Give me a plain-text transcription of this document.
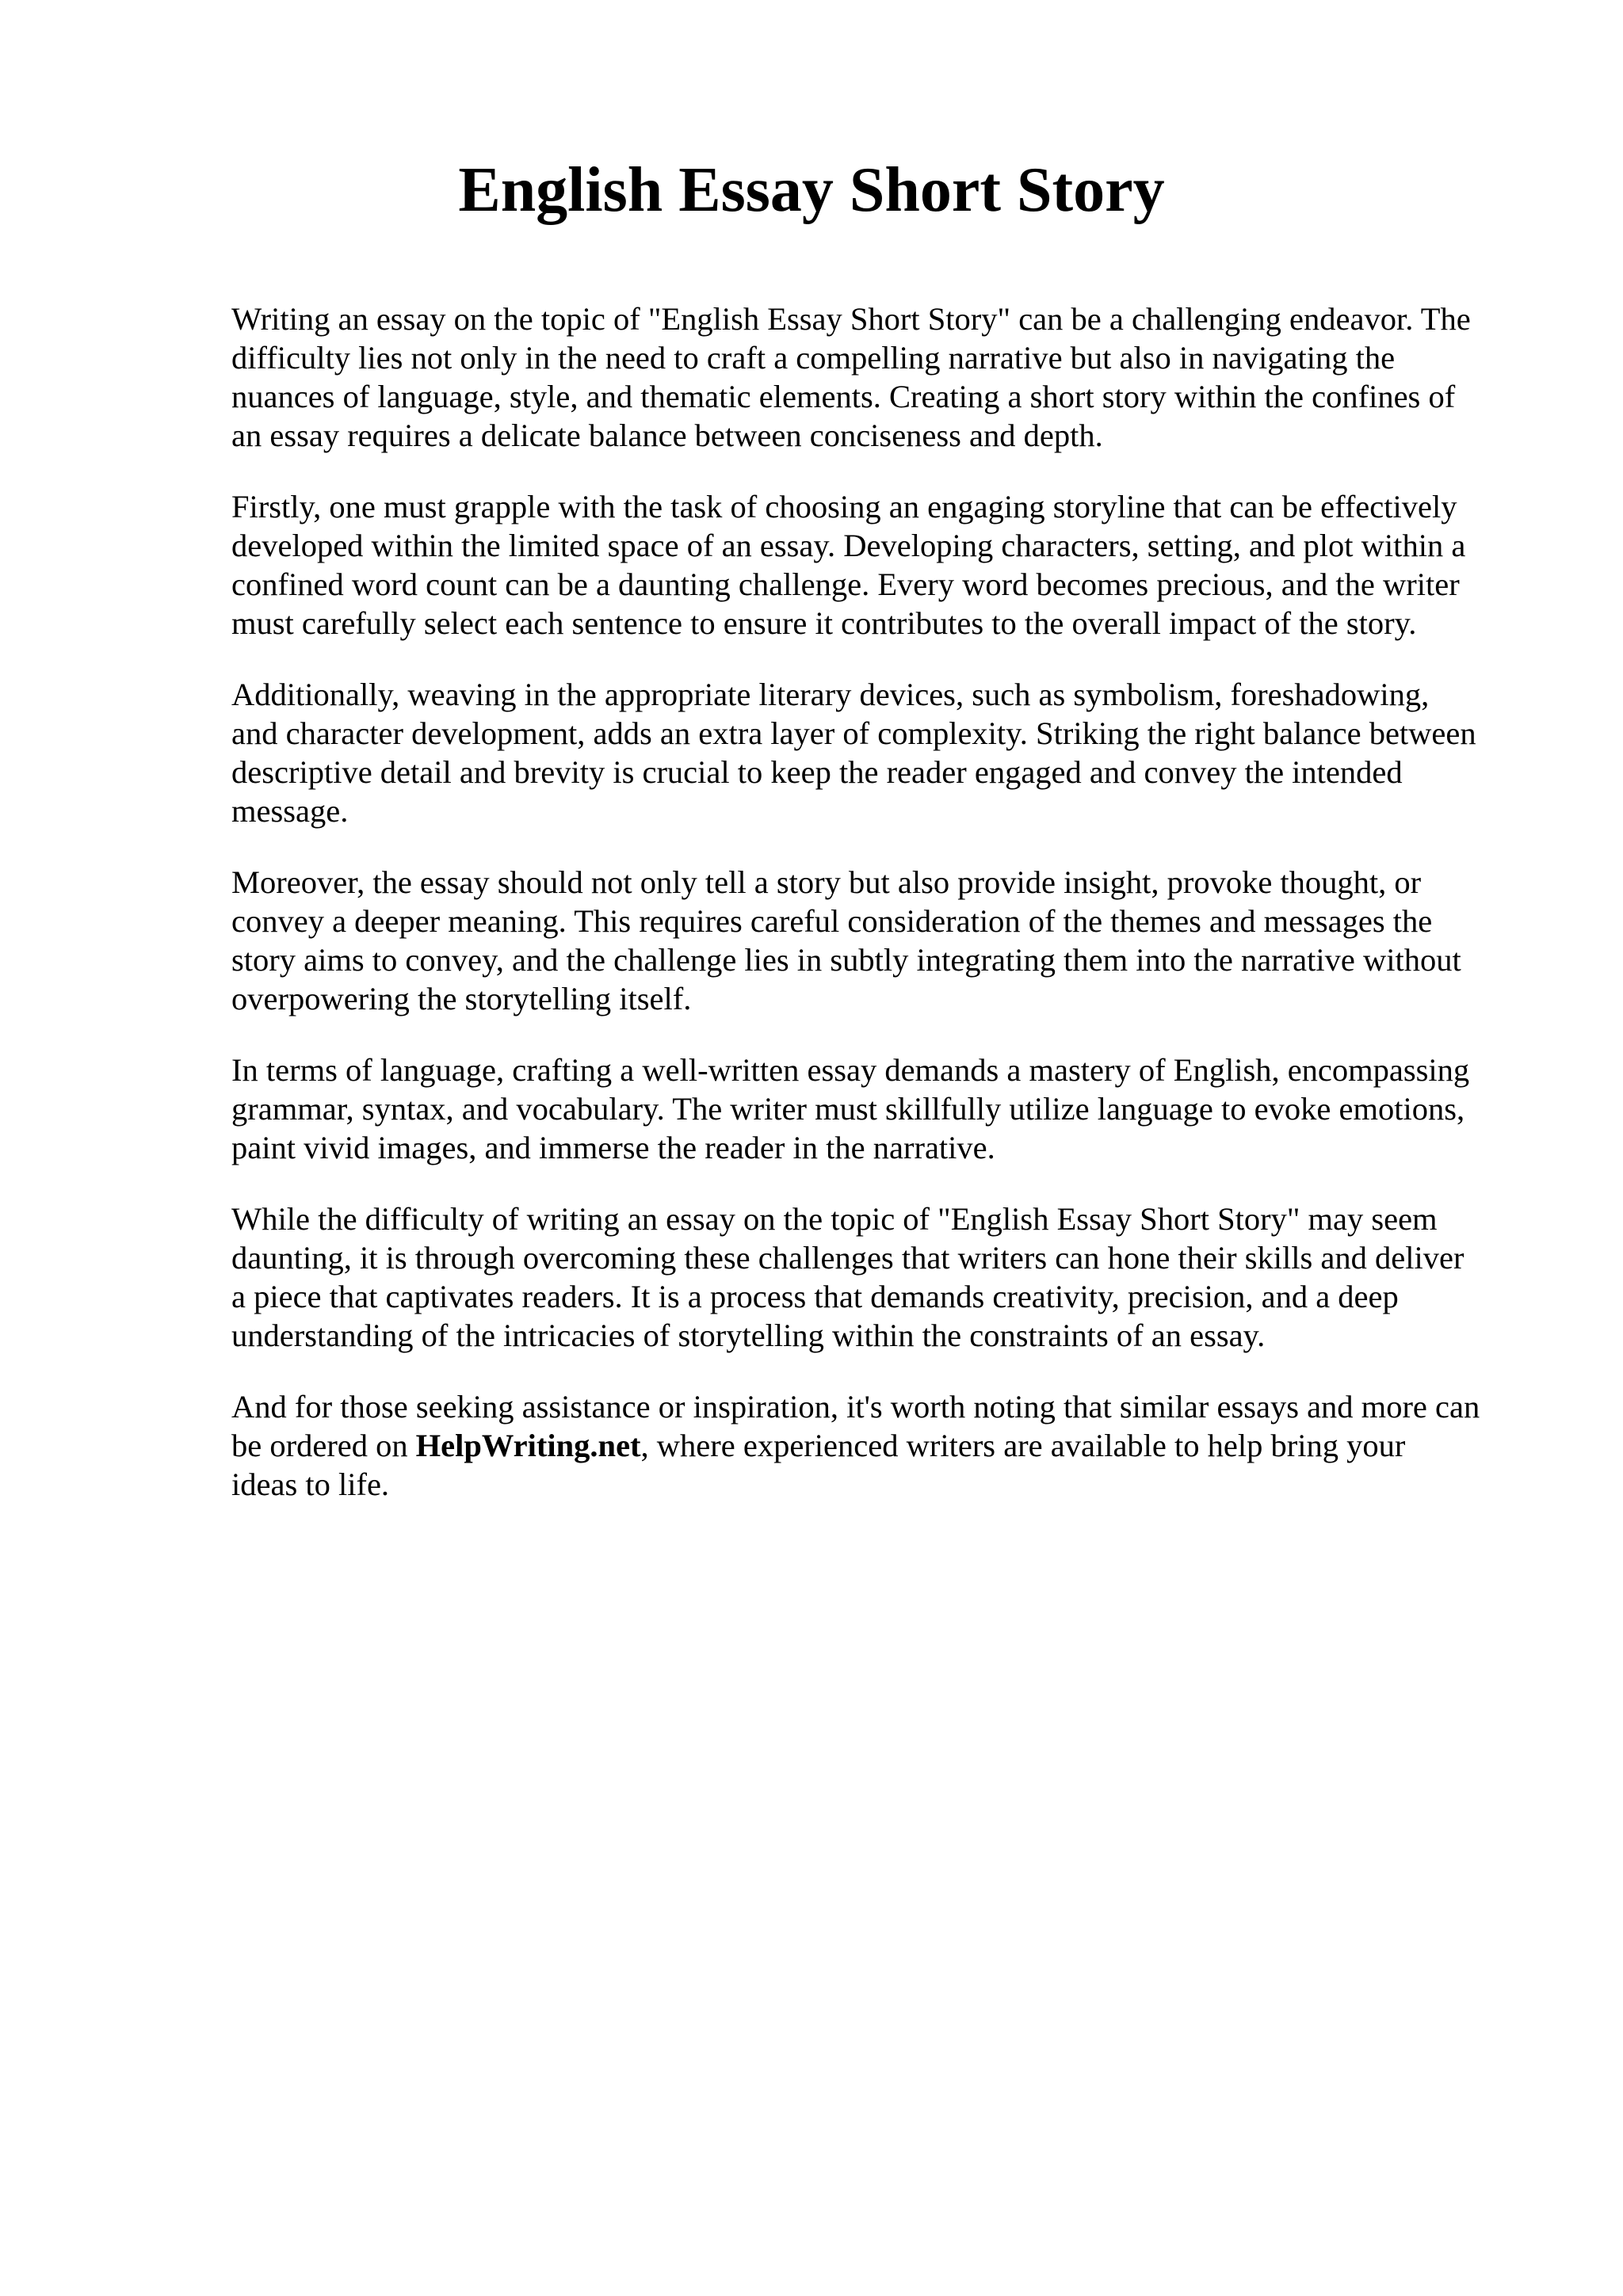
English Essay Short Story

Writing an essay on the topic of "English Essay Short Story" can be a challenging endeavor. The
difficulty lies not only in the need to craft a compelling narrative but also in navigating the
nuances of language, style, and thematic elements. Creating a short story within the confines of
an essay requires a delicate balance between conciseness and depth.

Firstly, one must grapple with the task of choosing an engaging storyline that can be effectively
developed within the limited space of an essay. Developing characters, setting, and plot within a
confined word count can be a daunting challenge. Every word becomes precious, and the writer
must carefully select each sentence to ensure it contributes to the overall impact of the story.

Additionally, weaving in the appropriate literary devices, such as symbolism, foreshadowing,
and character development, adds an extra layer of complexity. Striking the right balance between
descriptive detail and brevity is crucial to keep the reader engaged and convey the intended
message.

Moreover, the essay should not only tell a story but also provide insight, provoke thought, or
convey a deeper meaning. This requires careful consideration of the themes and messages the
story aims to convey, and the challenge lies in subtly integrating them into the narrative without
overpowering the storytelling itself.

In terms of language, crafting a well-written essay demands a mastery of English, encompassing
grammar, syntax, and vocabulary. The writer must skillfully utilize language to evoke emotions,
paint vivid images, and immerse the reader in the narrative.

While the difficulty of writing an essay on the topic of "English Essay Short Story" may seem
daunting, it is through overcoming these challenges that writers can hone their skills and deliver
a piece that captivates readers. It is a process that demands creativity, precision, and a deep
understanding of the intricacies of storytelling within the constraints of an essay.

And for those seeking assistance or inspiration, it's worth noting that similar essays and more can
be ordered on HelpWriting.net, where experienced writers are available to help bring your
ideas to life.
